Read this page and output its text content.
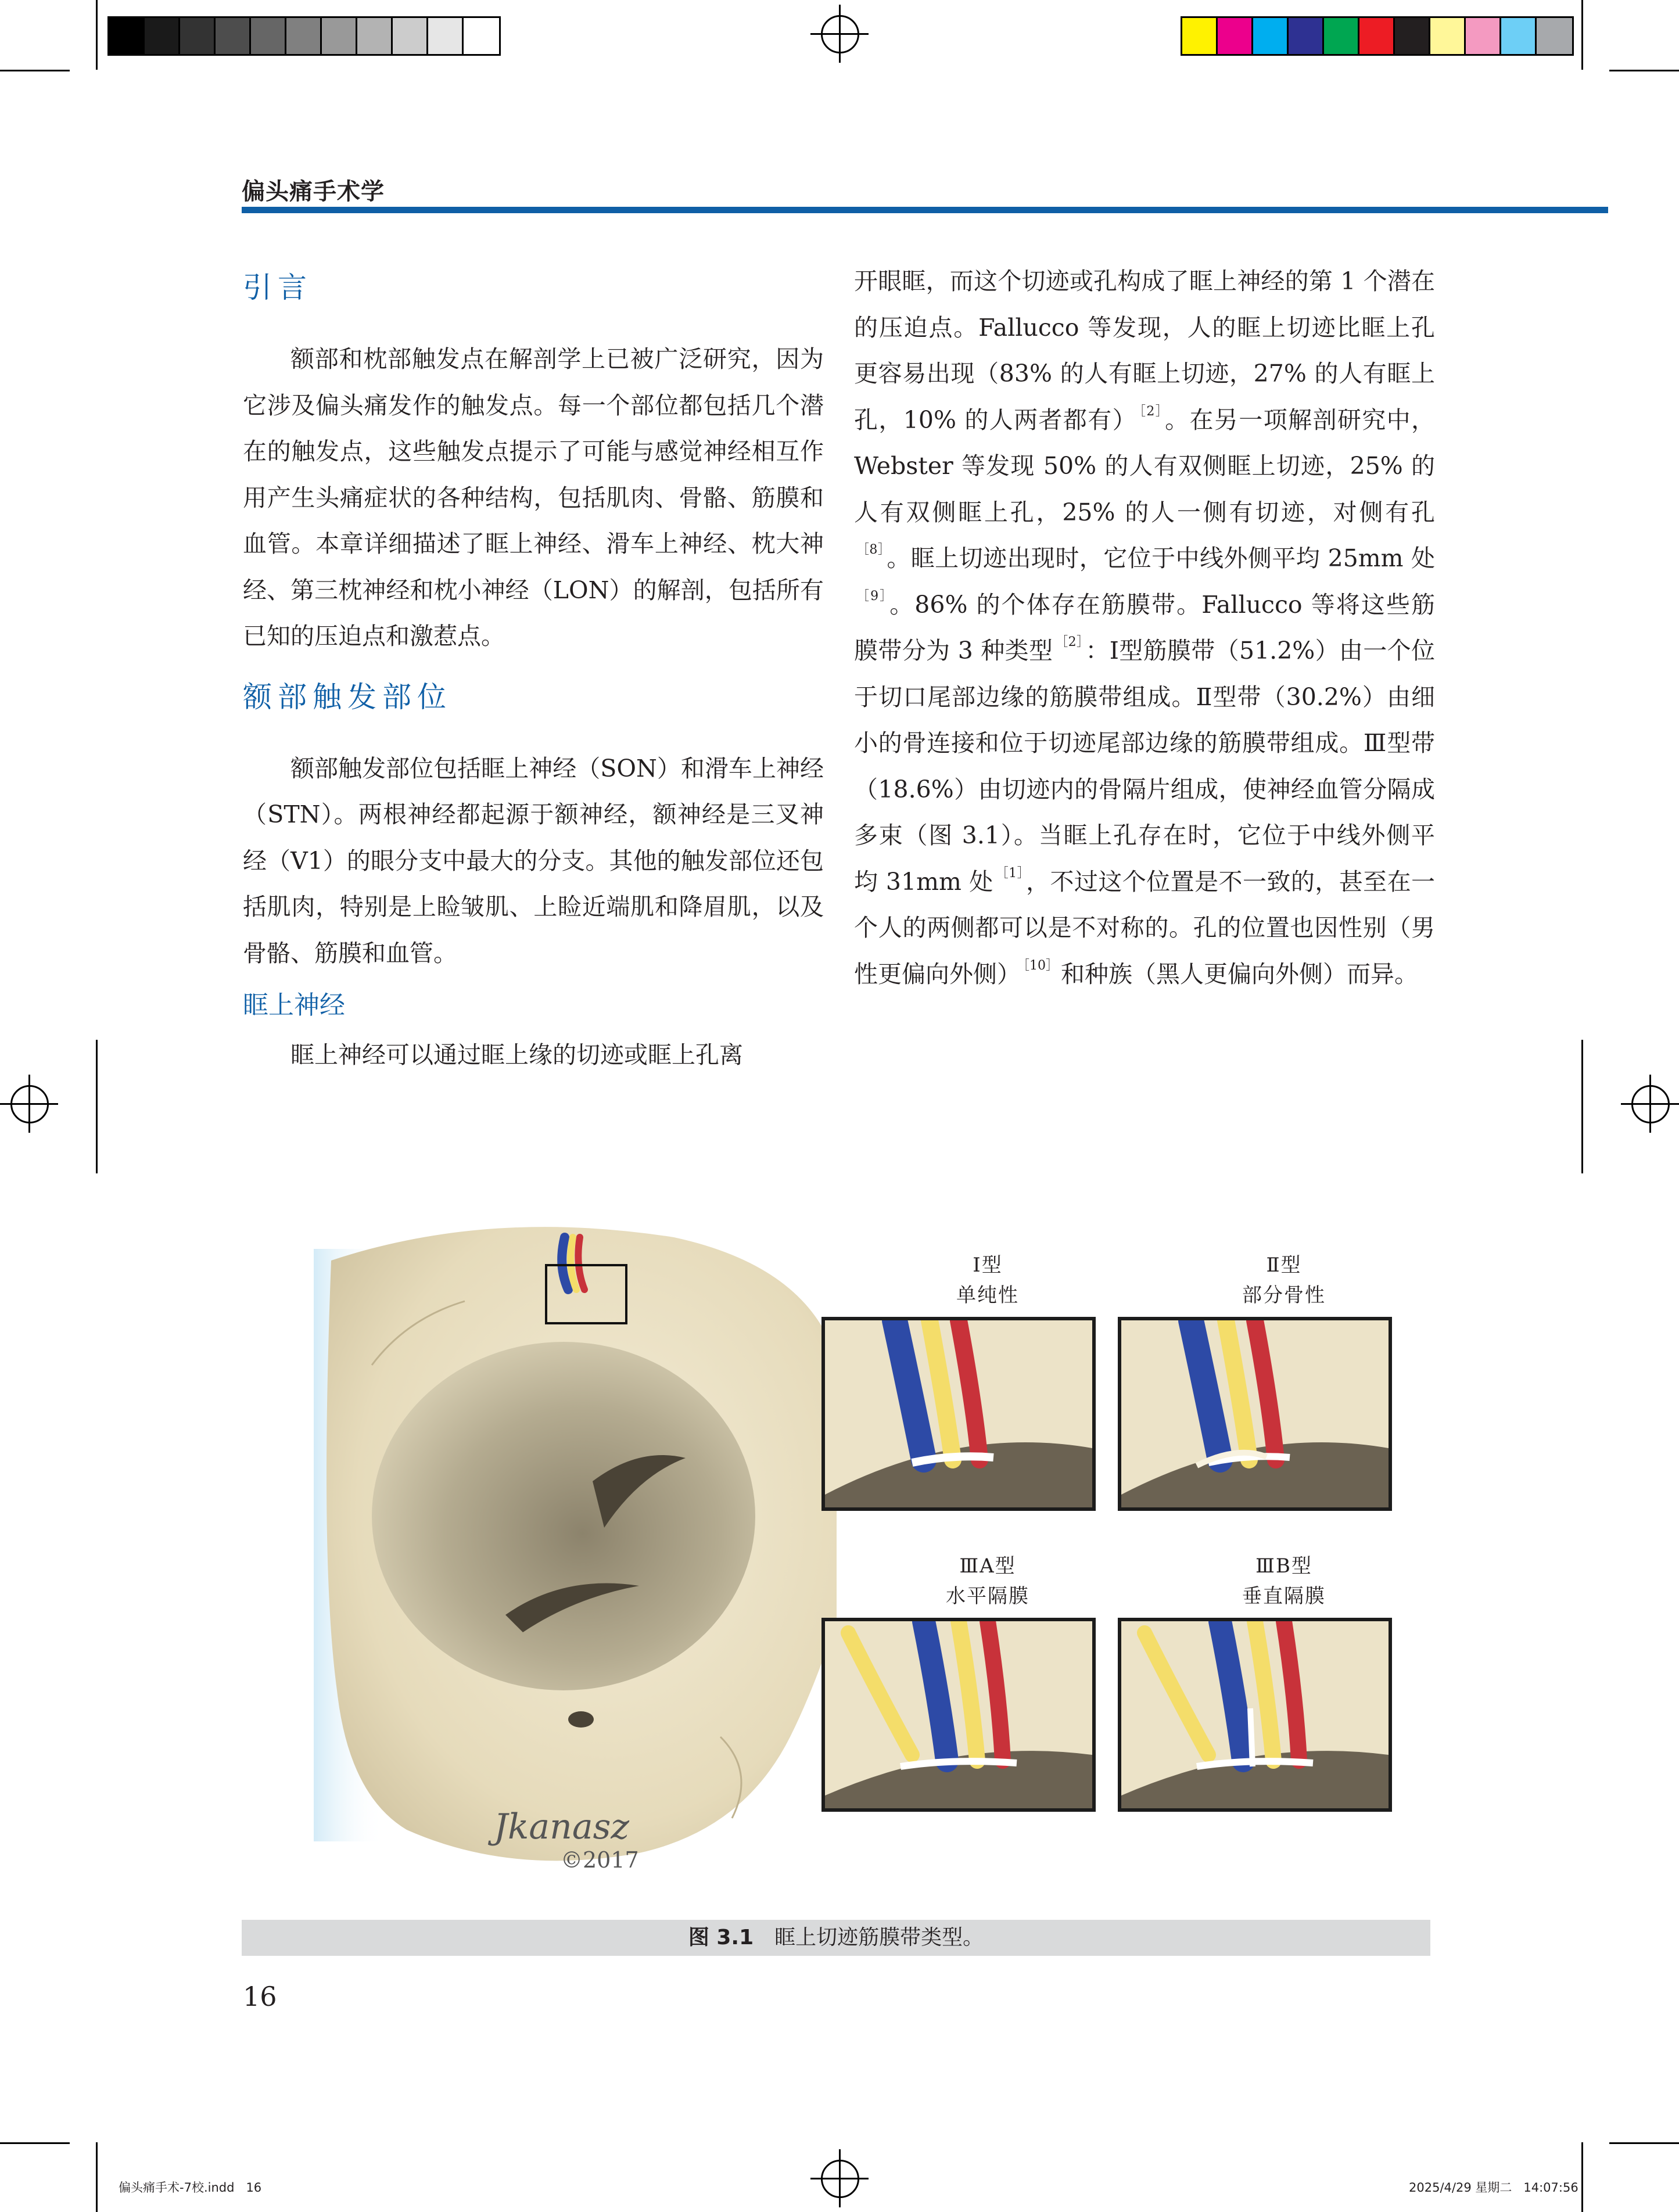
偏头痛手术学
引言

额部和枕部触发点在解剖学上已被广泛研究，因为它涉及偏头痛发作的触发点。每一个部位都包括几个潜在的触发点，这些触发点提示了可能与感觉神经相互作用产生头痛症状的各种结构，包括肌肉、骨骼、筋膜和血管。本章详细描述了眶上神经、滑车上神经、枕大神经、第三枕神经和枕小神经（LON）的解剖，包括所有已知的压迫点和激惹点。

额部触发部位

额部触发部位包括眶上神经（SON）和滑车上神经（STN）。两根神经都起源于额神经，额神经是三叉神经（V1）的眼分支中最大的分支。其他的触发部位还包括肌肉，特别是上睑皱肌、上睑近端肌和降眉肌，以及骨骼、筋膜和血管。

眶上神经

眶上神经可以通过眶上缘的切迹或眶上孔离

开眼眶，而这个切迹或孔构成了眶上神经的第 1 个潜在的压迫点。Fallucco 等发现，人的眶上切迹比眶上孔更容易出现（83% 的人有眶上切迹，27% 的人有眶上孔，10% 的人两者都有） $^{[2]}$。在另一项解剖研究中，Webster 等发现 50% 的人有双侧眶上切迹，25% 的人有双侧眶上孔，25% 的人一侧有切迹，对侧有孔$^{[8]}$。眶上切迹出现时，它位于中线外侧平均 25mm 处$^{[9]}$。86% 的个体存在筋膜带。Fallucco 等将这些筋膜带分为 3 种类型 $^{[2]}$：Ⅰ型筋膜带（51.2%）由一个位于切口尾部边缘的筋膜带组成。Ⅱ型带（30.2%）由细小的骨连接和位于切迹尾部边缘的筋膜带组成。Ⅲ型带（18.6%）由切迹内的骨隔片组成，使神经血管分隔成多束（图 3.1）。当眶上孔存在时，它位于中线外侧平均 31mm 处 $^{[1]}$，不过这个位置是不一致的，甚至在一个人的两侧都可以是不对称的。孔的位置也因性别（男性更偏向外侧） $^{[10]}$和种族（黑人更偏向外侧）而异。

Jkanasz
©2017
Ⅰ型
单纯性
Ⅱ型
部分骨性
ⅢA型
水平隔膜
ⅢB型
垂直隔膜
图 3.1 眶上切迹筋膜带类型。
16
偏头痛手术-7校.indd   16	2025/4/29 星期二   14:07:56
